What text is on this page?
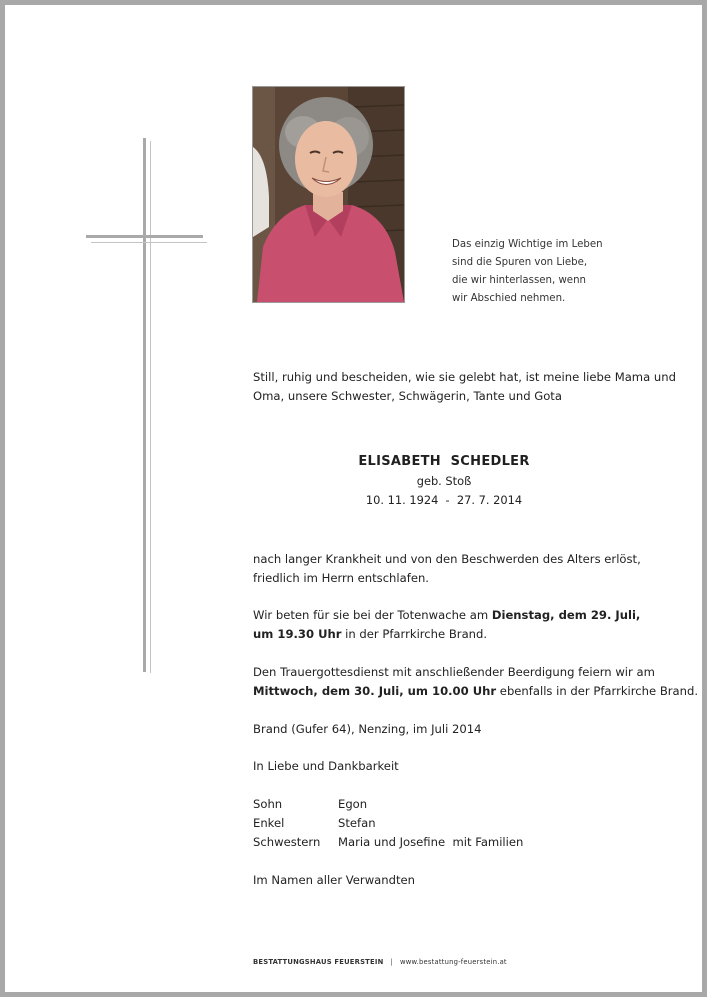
Das einzig Wichtige im Leben
sind die Spuren von Liebe,
die wir hinterlassen, wenn
wir Abschied nehmen.
Still, ruhig und bescheiden, wie sie gelebt hat, ist meine liebe Mama und
Oma, unsere Schwester, Schwägerin, Tante und Gota
ELISABETH  SCHEDLER
geb. Stoß
10. 11. 1924  -  27. 7. 2014
nach langer Krankheit und von den Beschwerden des Alters erlöst,
friedlich im Herrn entschlafen.
Wir beten für sie bei der Totenwache am Dienstag, dem 29. Juli,
um 19.30 Uhr in der Pfarrkirche Brand.
Den Trauergottesdienst mit anschließender Beerdigung feiern wir am
Mittwoch, dem 30. Juli, um 10.00 Uhr ebenfalls in der Pfarrkirche Brand.
Brand (Gufer 64), Nenzing, im Juli 2014
In Liebe und Dankbarkeit
Sohn	Egon
Enkel	Stefan
Schwestern	Maria und Josefine  mit Familien
Im Namen aller Verwandten
BESTATTUNGSHAUS FEUERSTEIN | www.bestattung-feuerstein.at
